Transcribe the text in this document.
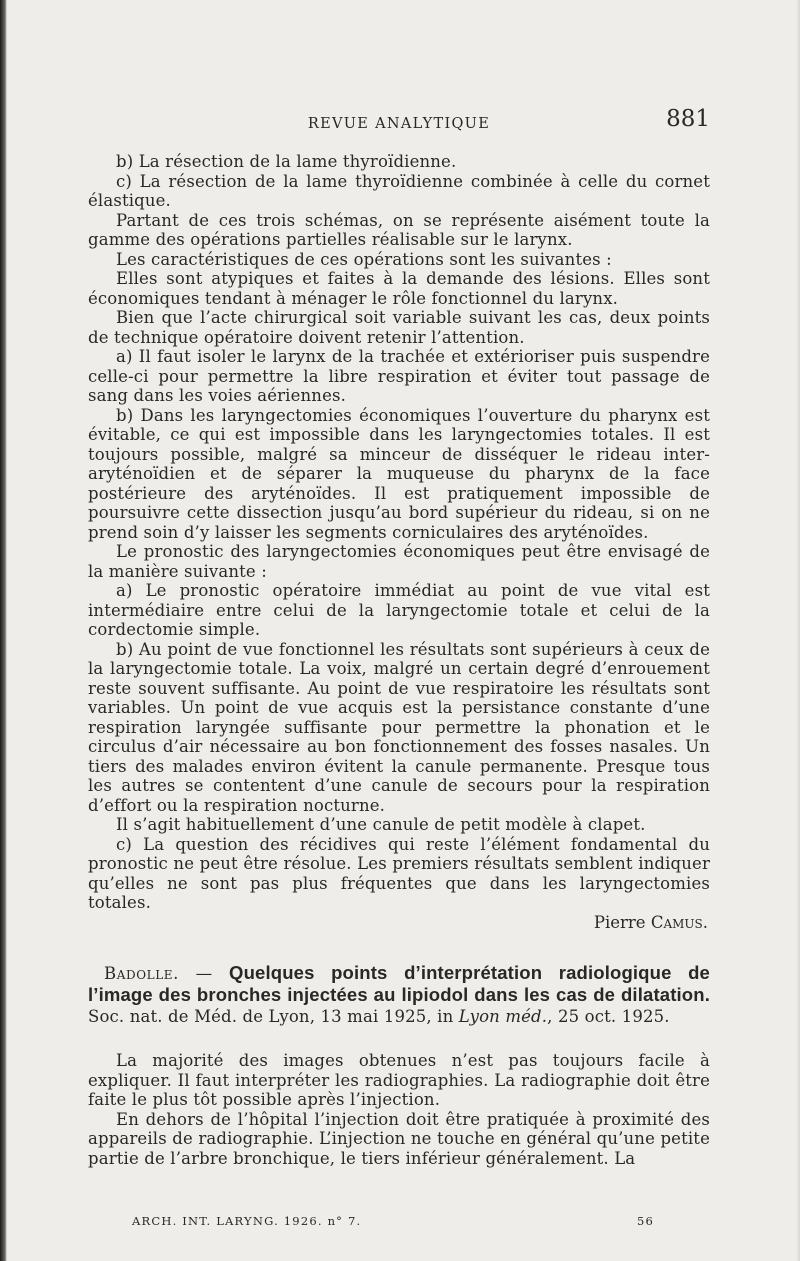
REVUE ANALYTIQUE	881

b) La résection de la lame thyroïdienne.

c) La résection de la lame thyroïdienne combinée à celle du cornet élastique.

Partant de ces trois schémas, on se représente aisément toute la gamme des opérations partielles réalisable sur le larynx.

Les caractéristiques de ces opérations sont les suivantes :

Elles sont atypiques et faites à la demande des lésions. Elles sont économiques tendant à ménager le rôle fonctionnel du larynx.

Bien que l’acte chirurgical soit variable suivant les cas, deux points de technique opératoire doivent retenir l’attention.

a) Il faut isoler le larynx de la trachée et extérioriser puis suspendre celle-ci pour permettre la libre respiration et éviter tout passage de sang dans les voies aériennes.

b) Dans les laryngectomies économiques l’ouverture du pharynx est évitable, ce qui est impossible dans les laryngectomies totales. Il est toujours possible, malgré sa minceur de disséquer le rideau inter-aryténoïdien et de séparer la muqueuse du pharynx de la face postérieure des aryténoïdes. Il est pratiquement impossible de poursuivre cette dissection jusqu’au bord supérieur du rideau, si on ne prend soin d’y laisser les segments corniculaires des aryténoïdes.

Le pronostic des laryngectomies économiques peut être envisagé de la manière suivante :

a) Le pronostic opératoire immédiat au point de vue vital est intermédiaire entre celui de la laryngectomie totale et celui de la cordectomie simple.

b) Au point de vue fonctionnel les résultats sont supérieurs à ceux de la laryngectomie totale. La voix, malgré un certain degré d’enrouement reste souvent suffisante. Au point de vue respiratoire les résultats sont variables. Un point de vue acquis est la persistance constante d’une respiration laryngée suffisante pour permettre la phonation et le circulus d’air nécessaire au bon fonctionnement des fosses nasales. Un tiers des malades environ évitent la canule permanente. Presque tous les autres se contentent d’une canule de secours pour la respiration d’effort ou la respiration nocturne.

Il s’agit habituellement d’une canule de petit modèle à clapet.

c) La question des récidives qui reste l’élément fondamental du pronostic ne peut être résolue. Les premiers résultats semblent indiquer qu’elles ne sont pas plus fréquentes que dans les laryngectomies totales.

Pierre Camus.

Badolle. — Quelques points d’interprétation radiologique de l’image des bronches injectées au lipiodol dans les cas de dilatation. Soc. nat. de Méd. de Lyon, 13 mai 1925, in Lyon méd., 25 oct. 1925.

La majorité des images obtenues n’est pas toujours facile à expliquer. Il faut interpréter les radiographies. La radiographie doit être faite le plus tôt possible après l’injection.

En dehors de l’hôpital l’injection doit être pratiquée à proximité des appareils de radiographie. L’injection ne touche en général qu’une petite partie de l’arbre bronchique, le tiers inférieur généralement. La

ARCH. INT. LARYNG. 1926. n° 7.	56
